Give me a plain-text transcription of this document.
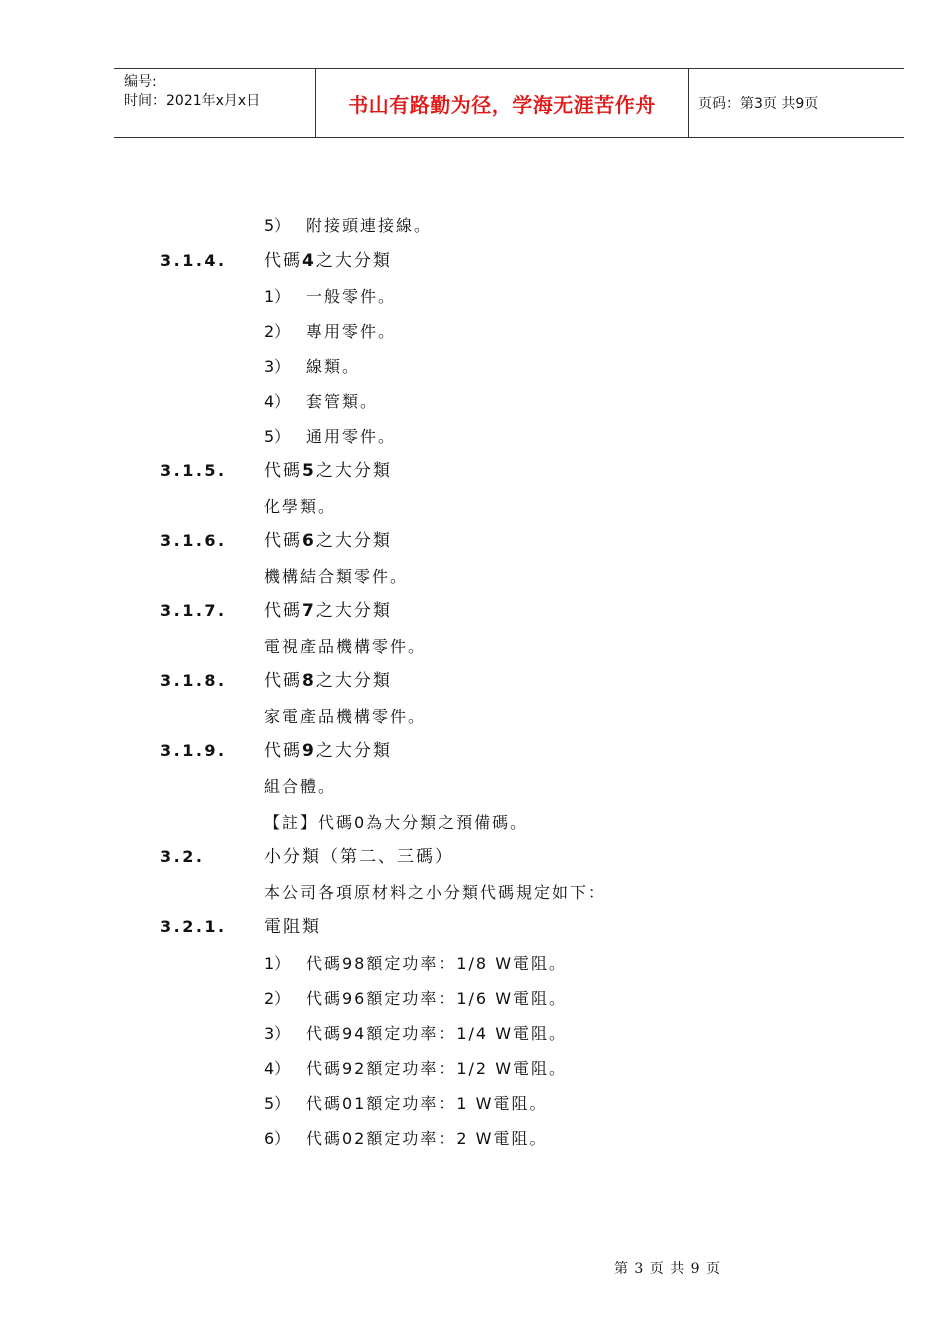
编号:
时间：2021年x月x日	书山有路勤为径，学海无涯苦作舟	页码：第3页 共9页
5） 附接頭連接線。
3.1.4. 代碼4之大分類
1） 一般零件。
2） 專用零件。
3） 線類。
4） 套管類。
5） 通用零件。
3.1.5. 代碼5之大分類
化學類。
3.1.6. 代碼6之大分類
機構結合類零件。
3.1.7. 代碼7之大分類
電視產品機構零件。
3.1.8. 代碼8之大分類
家電產品機構零件。
3.1.9. 代碼9之大分類
組合體。
【註】代碼0為大分類之預備碼。
3.2.	小分類（第二、三碼）
本公司各項原材料之小分類代碼規定如下：
3.2.1. 電阻類
1） 代碼98額定功率：1/8 W電阻。
2） 代碼96額定功率：1/6 W電阻。
3） 代碼94額定功率：1/4 W電阻。
4） 代碼92額定功率：1/2 W電阻。
5） 代碼01額定功率：1 W電阻。
6） 代碼02額定功率：2 W電阻。
第 3 页 共 9 页
